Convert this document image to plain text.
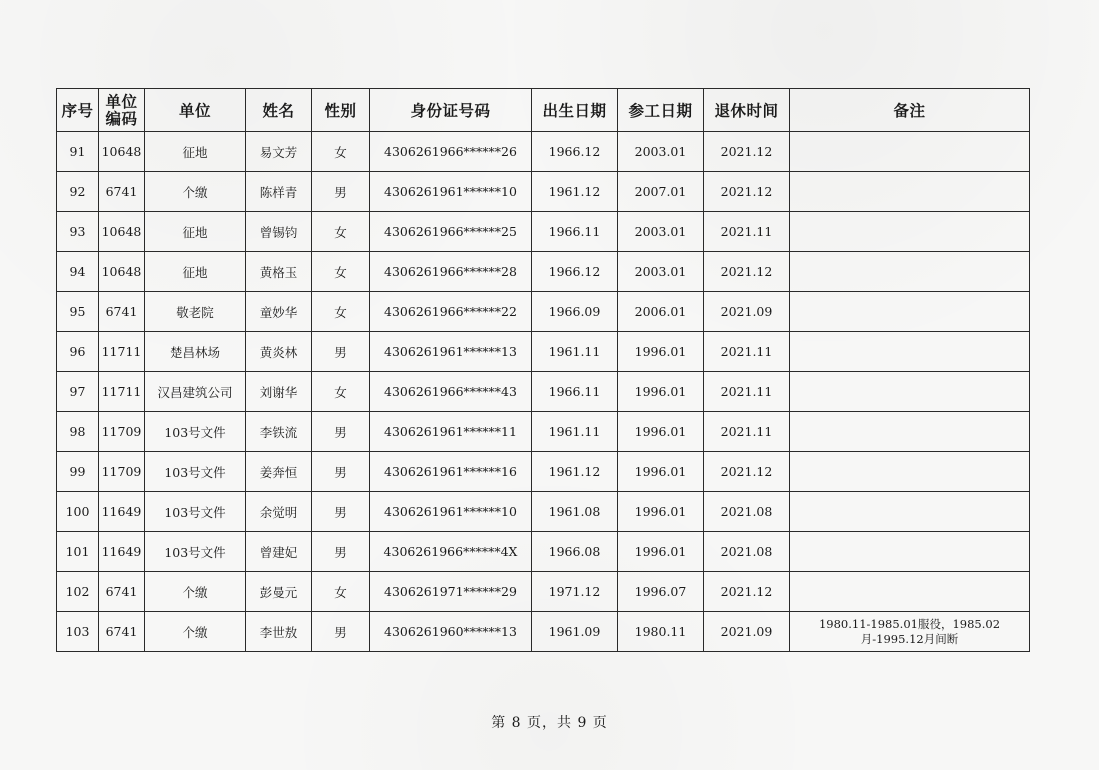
序号	单位编码	单位	姓名	性别	身份证号码	出生日期	参工日期	退休时间	备注
91	10648	征地	易文芳	女	4306261966******26	1966.12	2003.01	2021.12	
92	6741	个缴	陈样青	男	4306261961******10	1961.12	2007.01	2021.12	
93	10648	征地	曾锡钧	女	4306261966******25	1966.11	2003.01	2021.11	
94	10648	征地	黄格玉	女	4306261966******28	1966.12	2003.01	2021.12	
95	6741	敬老院	童妙华	女	4306261966******22	1966.09	2006.01	2021.09	
96	11711	楚昌林场	黄炎林	男	4306261961******13	1961.11	1996.01	2021.11	
97	11711	汉昌建筑公司	刘谢华	女	4306261966******43	1966.11	1996.01	2021.11	
98	11709	103号文件	李铁流	男	4306261961******11	1961.11	1996.01	2021.11	
99	11709	103号文件	姜奔恒	男	4306261961******16	1961.12	1996.01	2021.12	
100	11649	103号文件	余觉明	男	4306261961******10	1961.08	1996.01	2021.08	
101	11649	103号文件	曾建妃	男	4306261966******4X	1966.08	1996.01	2021.08	
102	6741	个缴	彭曼元	女	4306261971******29	1971.12	1996.07	2021.12	
103	6741	个缴	李世敖	男	4306261960******13	1961.09	1980.11	2021.09	1980.11-1985.01服役，1985.02月-1995.12月间断
第 8 页，共 9 页
